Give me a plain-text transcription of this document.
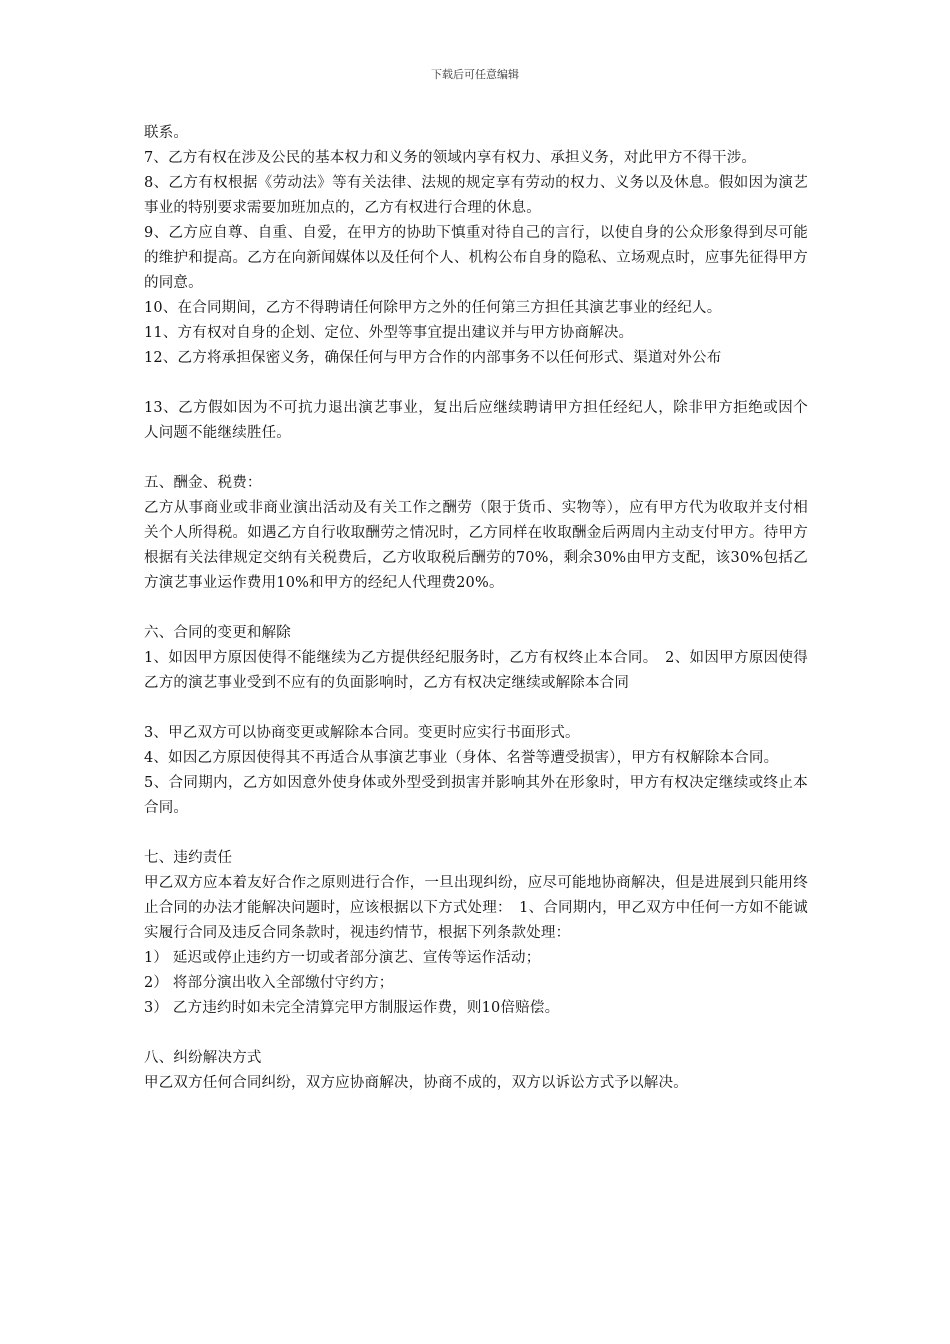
下载后可任意编辑

联系。

7、乙方有权在涉及公民的基本权力和义务的领域内享有权力、承担义务，对此甲方不得干涉。

8、乙方有权根据《劳动法》等有关法律、法规的规定享有劳动的权力、义务以及休息。假如因为演艺事业的特别要求需要加班加点的，乙方有权进行合理的休息。

9、乙方应自尊、自重、自爱，在甲方的协助下慎重对待自己的言行，以使自身的公众形象得到尽可能的维护和提高。乙方在向新闻媒体以及任何个人、机构公布自身的隐私、立场观点时，应事先征得甲方的同意。

10、在合同期间，乙方不得聘请任何除甲方之外的任何第三方担任其演艺事业的经纪人。

11、方有权对自身的企划、定位、外型等事宜提出建议并与甲方协商解决。

12、乙方将承担保密义务，确保任何与甲方合作的内部事务不以任何形式、渠道对外公布

13、乙方假如因为不可抗力退出演艺事业，复出后应继续聘请甲方担任经纪人，除非甲方拒绝或因个人问题不能继续胜任。

五、酬金、税费：

乙方从事商业或非商业演出活动及有关工作之酬劳（限于货币、实物等），应有甲方代为收取并支付相关个人所得税。如遇乙方自行收取酬劳之情况时，乙方同样在收取酬金后两周内主动支付甲方。待甲方根据有关法律规定交纳有关税费后，乙方收取税后酬劳的70%，剩余30%由甲方支配，该30%包括乙方演艺事业运作费用10%和甲方的经纪人代理费20%。

六、合同的变更和解除

1、如因甲方原因使得不能继续为乙方提供经纪服务时，乙方有权终止本合同。　2、如因甲方原因使得乙方的演艺事业受到不应有的负面影响时，乙方有权决定继续或解除本合同

3、甲乙双方可以协商变更或解除本合同。变更时应实行书面形式。

4、如因乙方原因使得其不再适合从事演艺事业（身体、名誉等遭受损害），甲方有权解除本合同。

5、合同期内，乙方如因意外使身体或外型受到损害并影响其外在形象时，甲方有权决定继续或终止本合同。

七、违约责任

甲乙双方应本着友好合作之原则进行合作，一旦出现纠纷，应尽可能地协商解决，但是进展到只能用终止合同的办法才能解决问题时，应该根据以下方式处理：　1、合同期内，甲乙双方中任何一方如不能诚实履行合同及违反合同条款时，视违约情节，根据下列条款处理：

1） 延迟或停止违约方一切或者部分演艺、宣传等运作活动；

2） 将部分演出收入全部缴付守约方；

3） 乙方违约时如未完全清算完甲方制服运作费，则10倍赔偿。

八、纠纷解决方式

甲乙双方任何合同纠纷，双方应协商解决，协商不成的，双方以诉讼方式予以解决。
